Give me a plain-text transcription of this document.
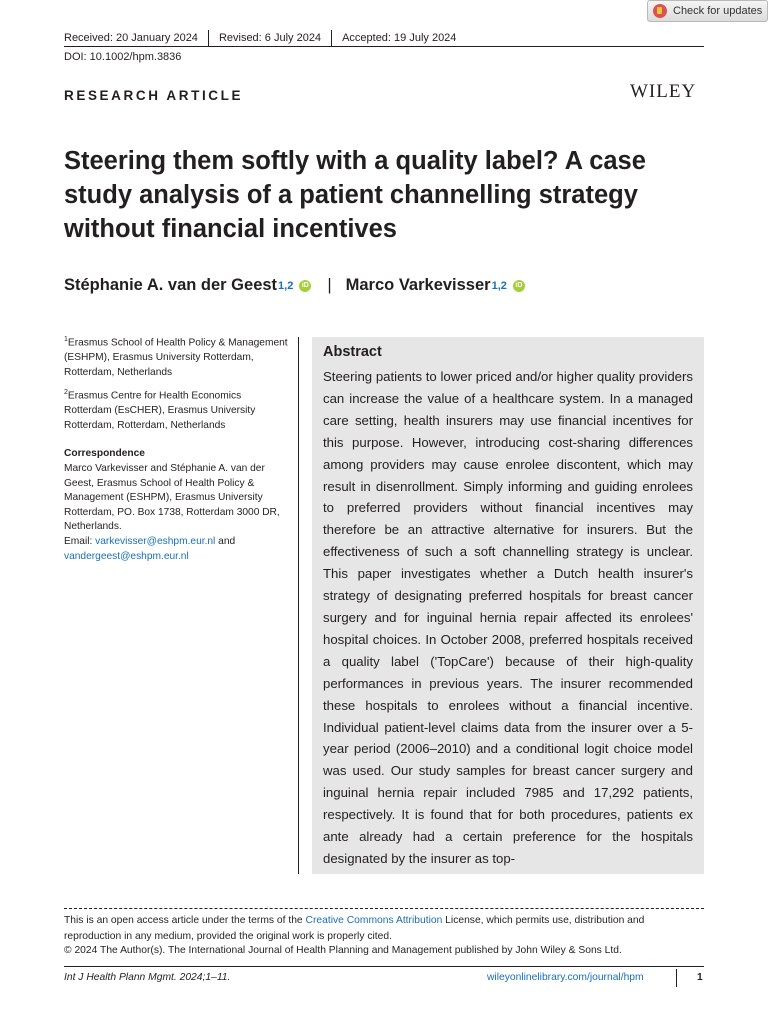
Check for updates
Received: 20 January 2024	Revised: 6 July 2024	Accepted: 19 July 2024
DOI: 10.1002/hpm.3836
RESEARCH ARTICLE	WILEY
Steering them softly with a quality label? A case study analysis of a patient channelling strategy without financial incentives
Stéphanie A. van der Geest 1,2	iD | Marco Varkevisser 1,2	iD

$^1$Erasmus School of Health Policy & Management (ESHPM), Erasmus University Rotterdam, Rotterdam, Netherlands

$^2$Erasmus Centre for Health Economics Rotterdam (EsCHER), Erasmus University Rotterdam, Rotterdam, Netherlands

Correspondence

Marco Varkevisser and Stéphanie A. van der Geest, Erasmus School of Health Policy & Management (ESHPM), Erasmus University Rotterdam, PO. Box 1738, Rotterdam 3000 DR, Netherlands.
Email: varkevisser@eshpm.eur.nl and
vandergeest@eshpm.eur.nl

Abstract

Steering patients to lower priced and/or higher quality providers can increase the value of a healthcare system. In a managed care setting, health insurers may use financial incentives for this purpose. However, introducing cost-sharing differences among providers may cause enrolee discontent, which may result in disenrollment. Simply informing and guiding enrolees to preferred providers without financial incentives may therefore be an attractive alternative for insurers. But the effectiveness of such a soft channelling strategy is unclear. This paper investigates whether a Dutch health insurer's strategy of designating preferred hospitals for breast cancer surgery and for inguinal hernia repair affected its enrolees' hospital choices. In October 2008, preferred hospitals received a quality label ('TopCare') because of their high-quality performances in previous years. The insurer recommended these hospitals to enrolees without a financial incentive. Individual patient-level claims data from the insurer over a 5-year period (2006–2010) and a conditional logit choice model was used. Our study samples for breast cancer surgery and inguinal hernia repair included 7985 and 17,292 patients, respectively. It is found that for both procedures, patients ex ante already had a certain preference for the hospitals designated by the insurer as top-

This is an open access article under the terms of the Creative Commons Attribution License, which permits use, distribution and reproduction in any medium, provided the original work is properly cited.
© 2024 The Author(s). The International Journal of Health Planning and Management published by John Wiley & Sons Ltd.
Int J Health Plann Mgmt. 2024;1–11.	wileyonlinelibrary.com/journal/hpm	1
